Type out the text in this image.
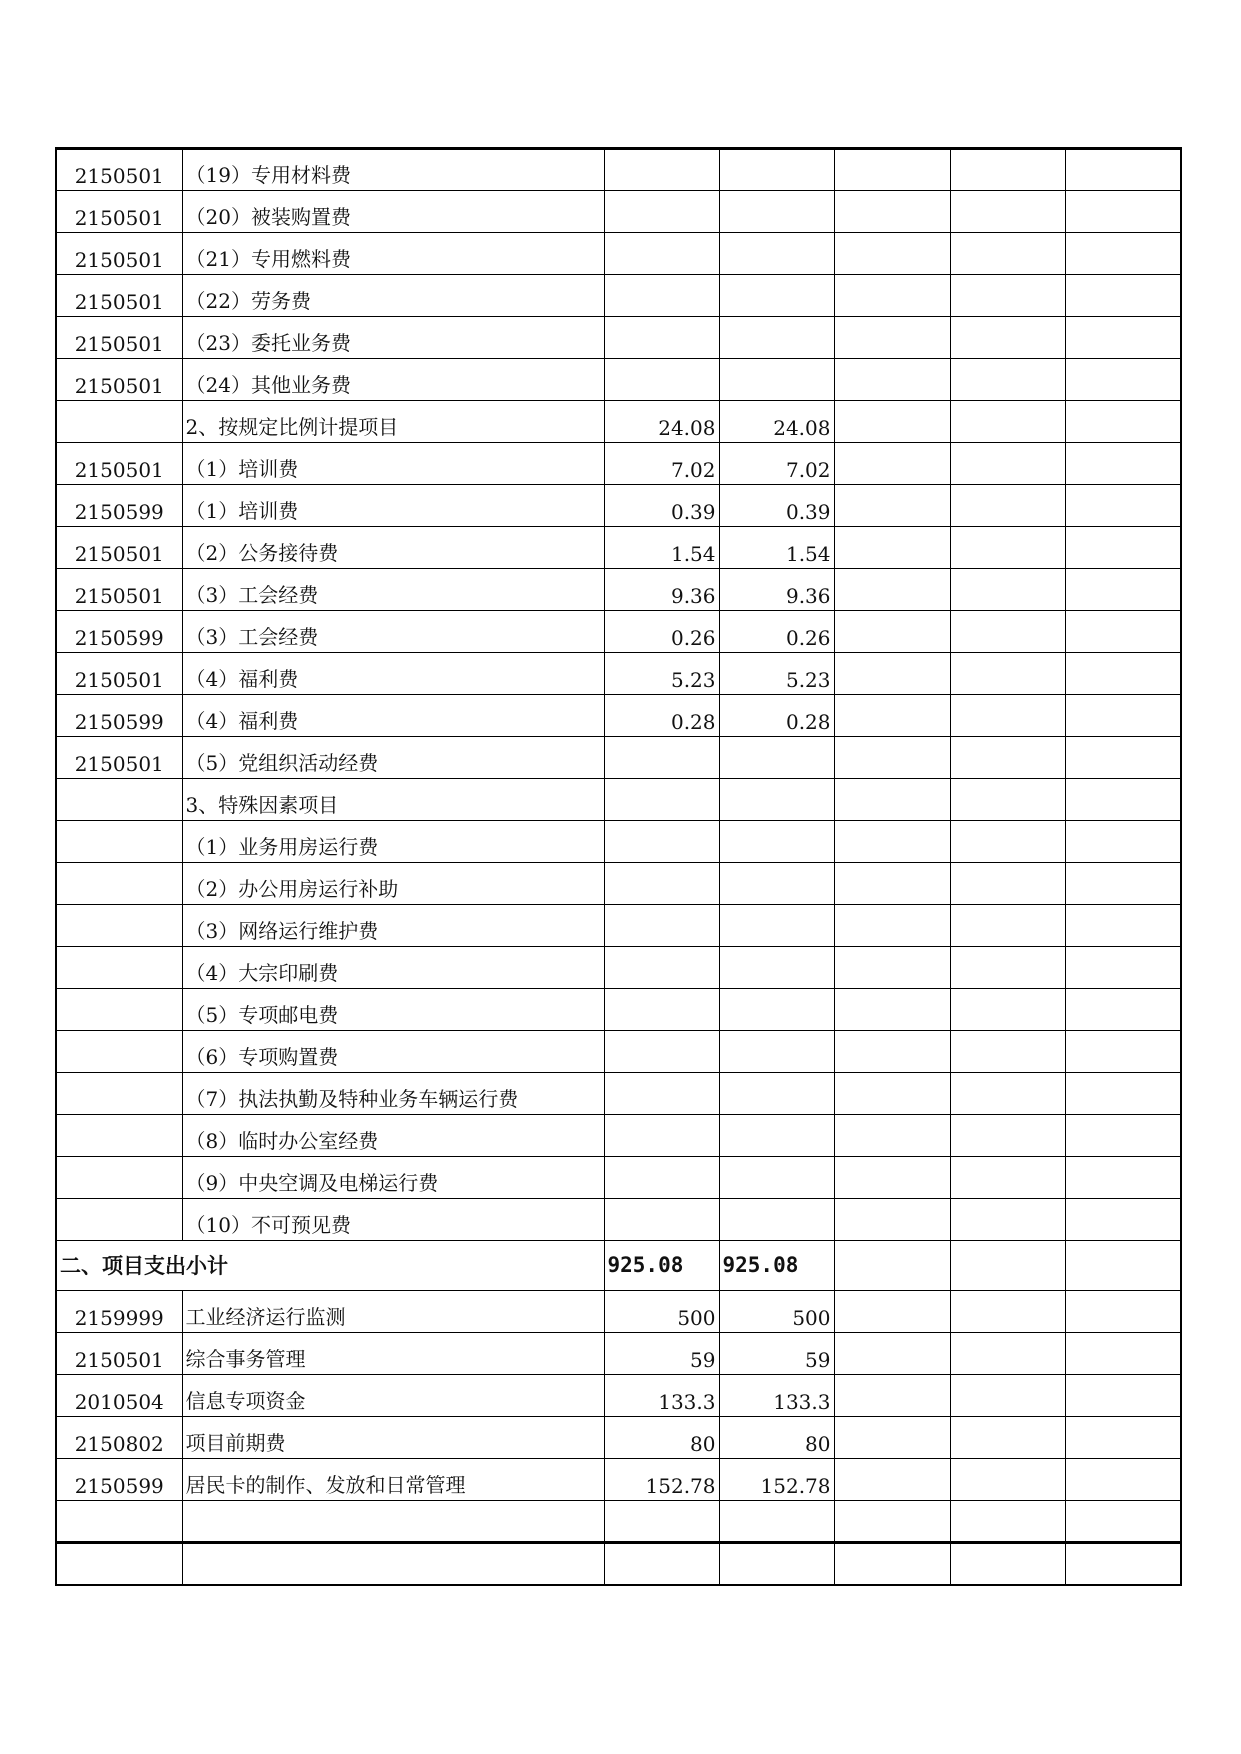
2150501	（19）专用材料费					
2150501	（20）被装购置费					
2150501	（21）专用燃料费					
2150501	（22）劳务费					
2150501	（23）委托业务费					
2150501	（24）其他业务费					
	2、按规定比例计提项目	24.08	24.08			
2150501	（1）培训费	7.02	7.02			
2150599	（1）培训费	0.39	0.39			
2150501	（2）公务接待费	1.54	1.54			
2150501	（3）工会经费	9.36	9.36			
2150599	（3）工会经费	0.26	0.26			
2150501	（4）福利费	5.23	5.23			
2150599	（4）福利费	0.28	0.28			
2150501	（5）党组织活动经费					
	3、特殊因素项目					
	（1）业务用房运行费					
	（2）办公用房运行补助					
	（3）网络运行维护费					
	（4）大宗印刷费					
	（5）专项邮电费					
	（6）专项购置费					
	（7）执法执勤及特种业务车辆运行费					
	（8）临时办公室经费					
	（9）中央空调及电梯运行费					
	（10）不可预见费					
二、项目支出小计		925.08	925.08			
2159999	工业经济运行监测	500	500			
2150501	综合事务管理	59	59			
2010504	信息专项资金	133.3	133.3			
2150802	项目前期费	80	80			
2150599	居民卡的制作、发放和日常管理	152.78	152.78			
